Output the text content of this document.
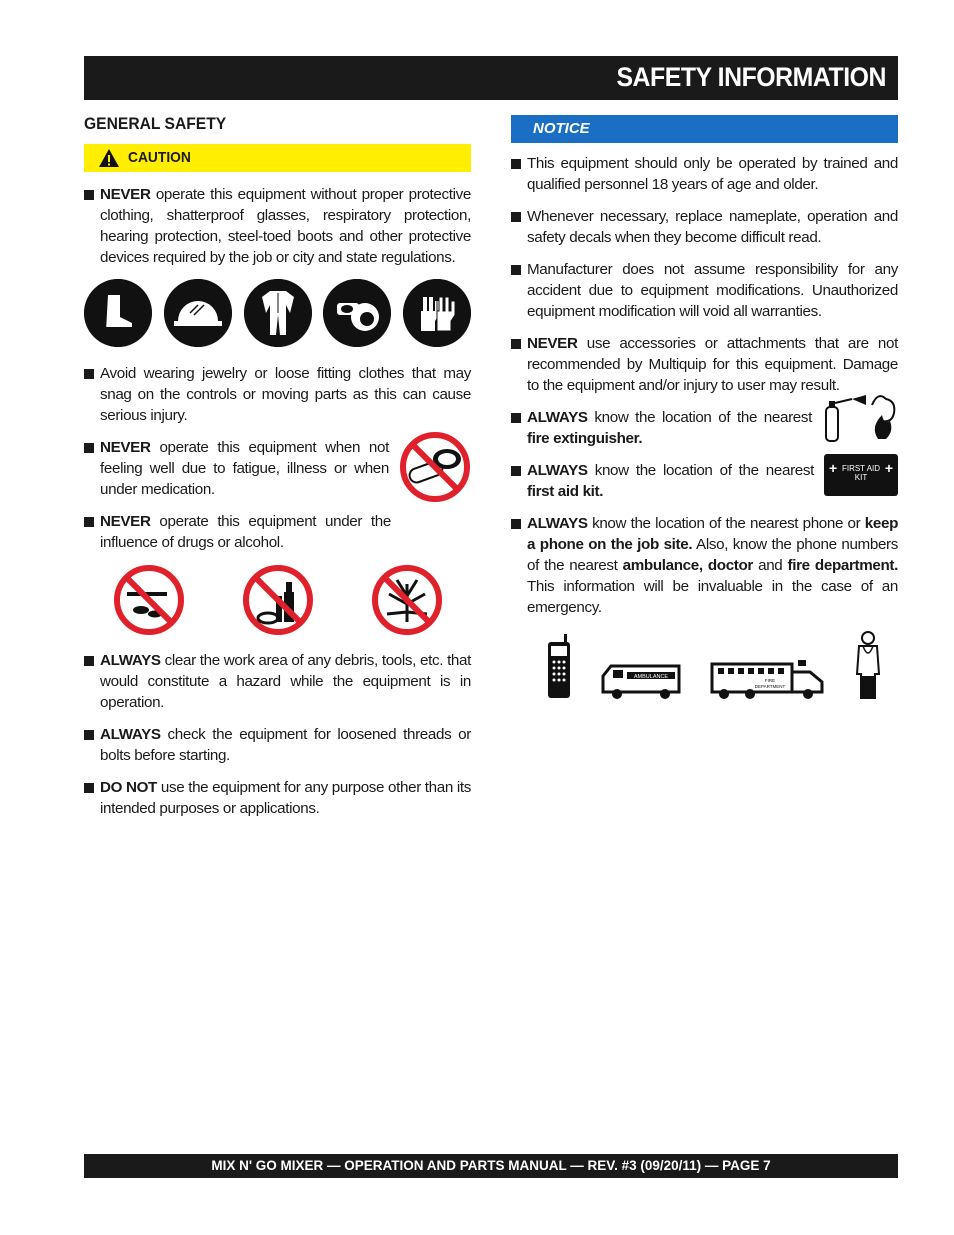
SAFETY INFORMATION
GENERAL SAFETY
CAUTION
NEVER operate this equipment without proper protective clothing, shatterproof glasses, respiratory protection, hearing protection, steel-toed boots and other protective devices required by the job or city and state regulations.
Avoid wearing jewelry or loose fitting clothes that may snag on the controls or moving parts as this can cause serious injury.
NEVER operate this equipment when not feeling well due to fatigue, illness or when under medication.
NEVER operate this equipment under the influence of drugs or alcohol.
ALWAYS clear the work area of any debris, tools, etc. that would constitute a hazard while the equipment is in operation.
ALWAYS check the equipment for loosened threads or bolts before starting.
DO NOT use the equipment for any purpose other than its intended purposes or applications.
NOTICE
This equipment should only be operated by trained and qualified personnel 18 years of age and older.
Whenever necessary, replace nameplate, operation and safety decals when they become difficult read.
Manufacturer does not assume responsibility for any accident due to equipment modifications. Unauthorized equipment modification will void all warranties.
NEVER use accessories or attachments that are not recommended by Multiquip for this equipment. Damage to the equipment and/or injury to user may result.
ALWAYS know the location of the nearest fire extinguisher.
ALWAYS know the location of the nearest first aid kit.
+	+
FIRST AID
KIT
ALWAYS know the location of the nearest phone or keep a phone on the job site. Also, know the phone numbers of the nearest ambulance, doctor and fire department. This information will be invaluable in the case of an emergency.
AMBULANCE
FIRE
DEPARTMENT
MIX N' GO MIXER — OPERATION AND PARTS MANUAL — REV. #3 (09/20/11) — PAGE 7
